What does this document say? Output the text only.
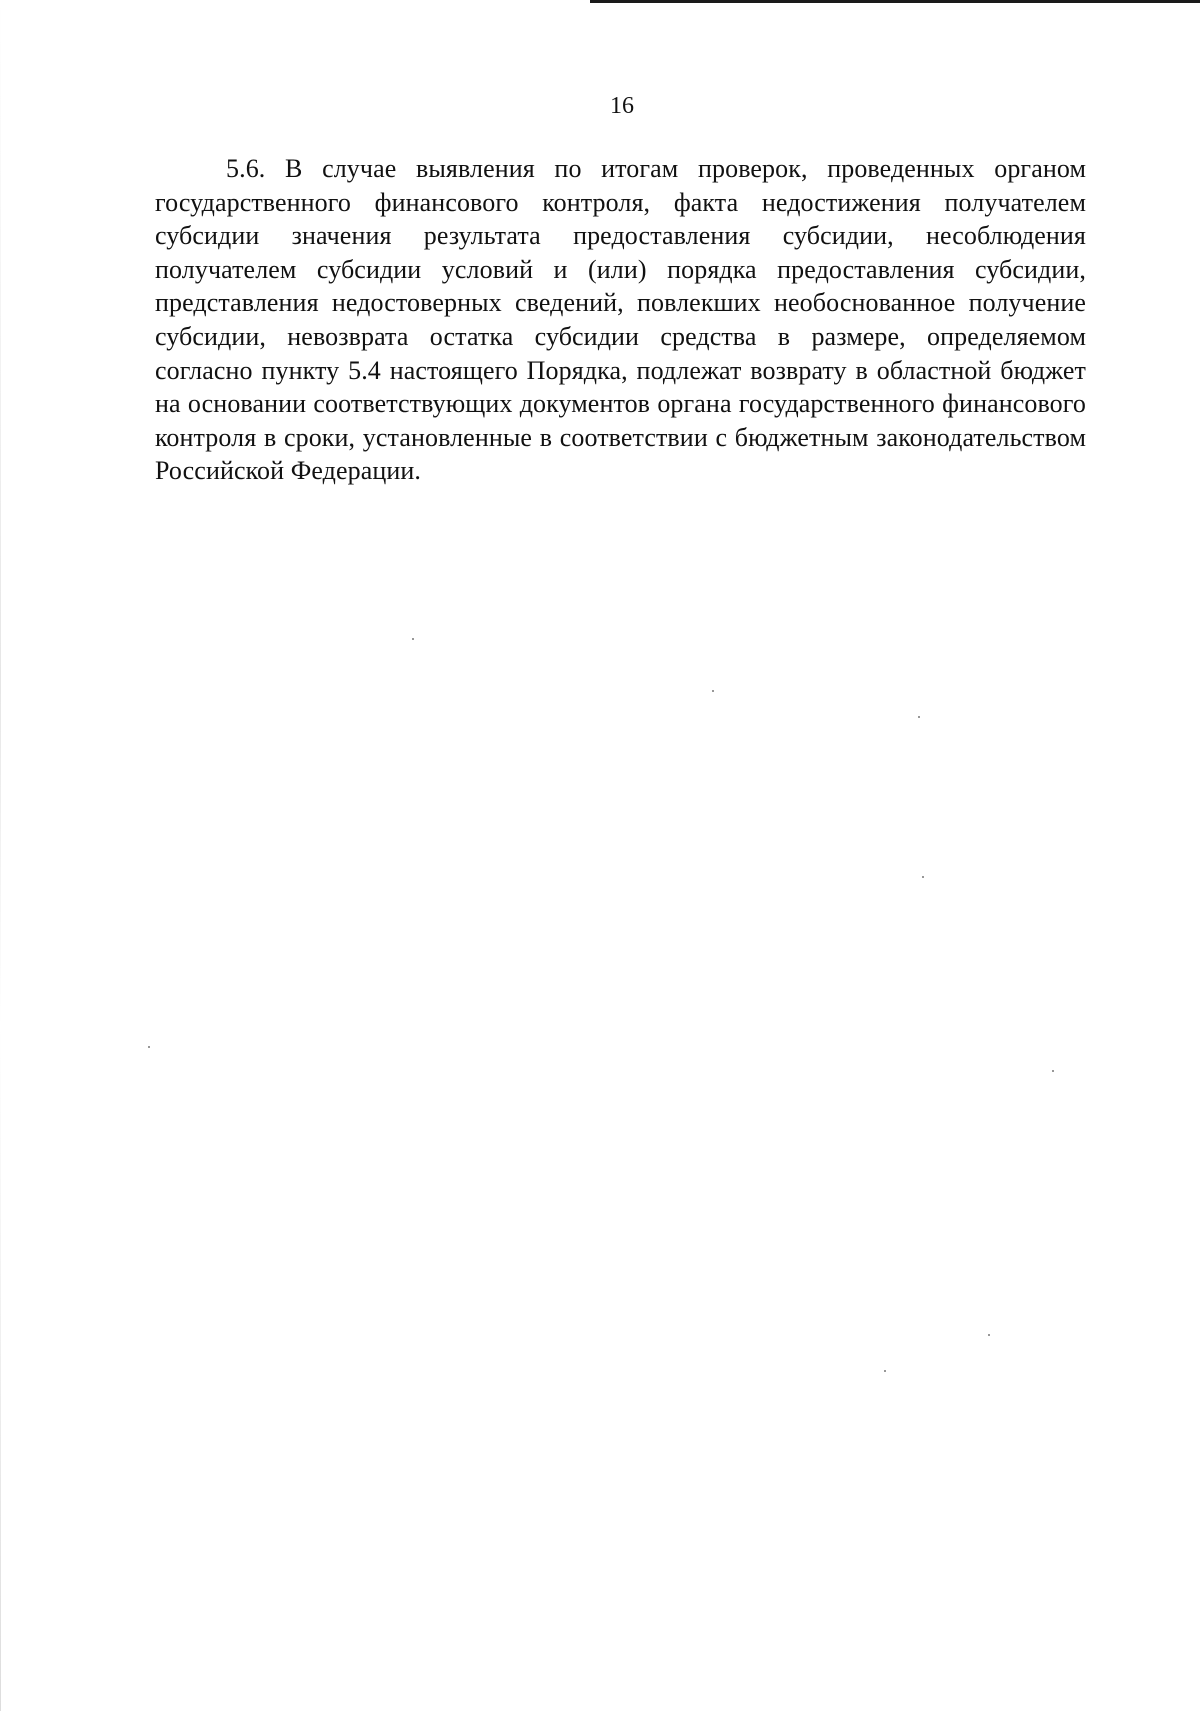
16

5.6. В случае выявления по итогам проверок, проведенных органом государственного финансового контроля, факта недостижения получателем субсидии значения результата предоставления субсидии, несоблюдения получателем субсидии условий и (или) порядка предоставления субсидии, представления недостоверных сведений, повлекших необоснованное получение субсидии, невозврата остатка субсидии средства в размере, определяемом согласно пункту 5.4 настоящего Порядка, подлежат возврату в областной бюджет на основании соответствующих документов органа государственного финансового контроля в сроки, установленные в соответствии с бюджетным законодательством Российской Федерации.
